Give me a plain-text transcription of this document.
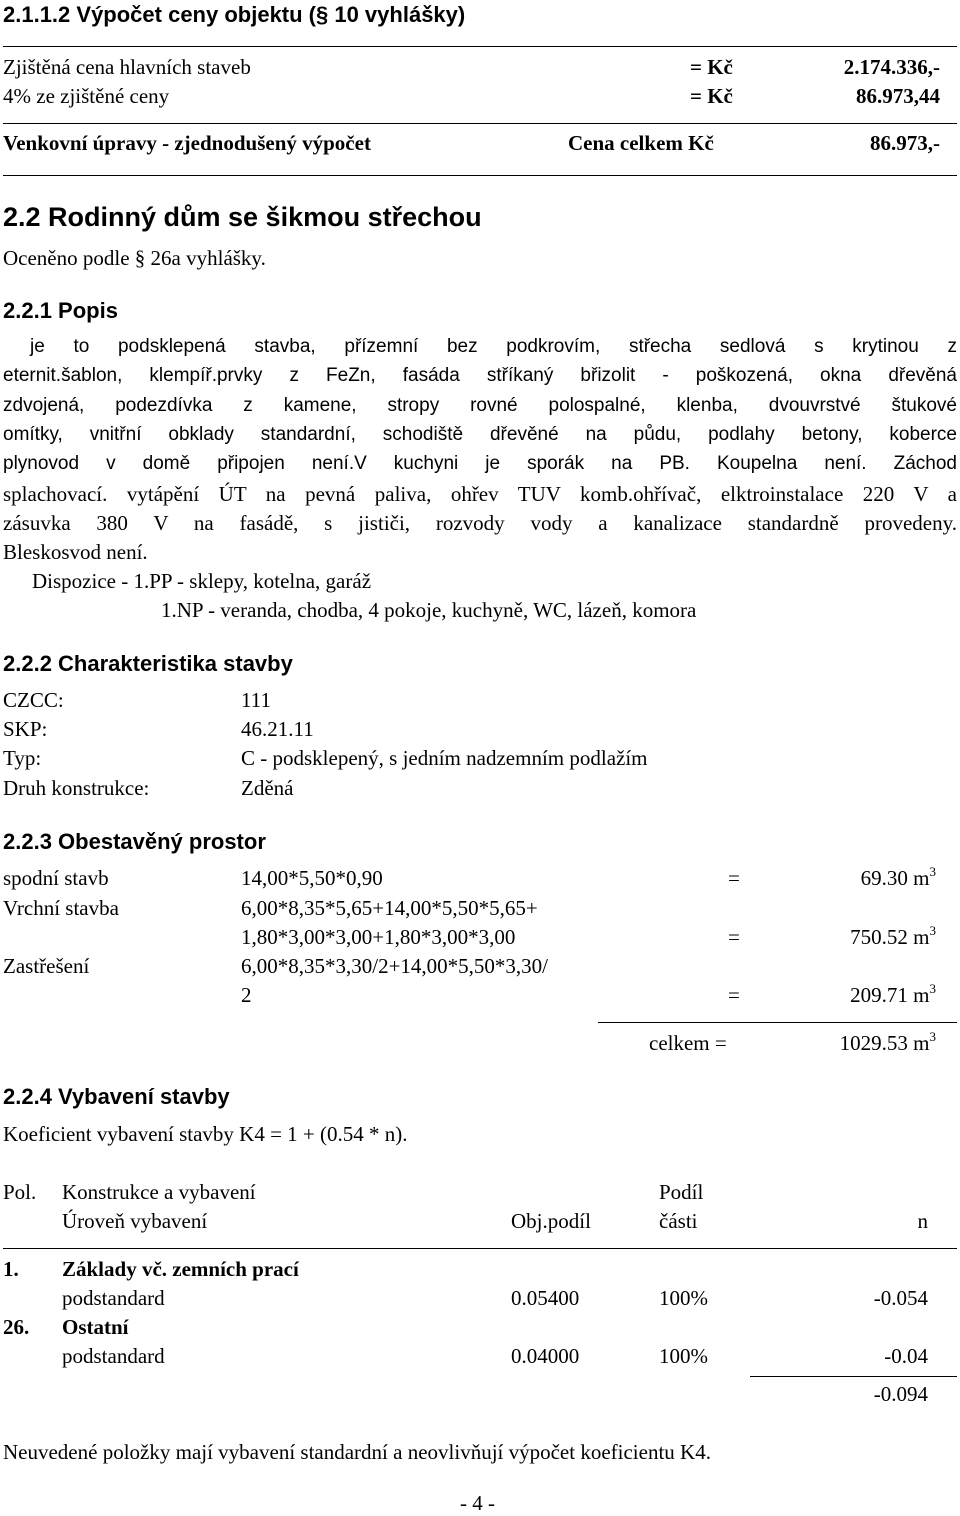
2.1.1.2 Výpočet ceny objektu (§ 10 vyhlášky)
Zjištěná cena hlavních staveb	= Kč	2.174.336,-
4% ze zjištěné ceny	= Kč	86.973,44
Venkovní úpravy - zjednodušený výpočet	Cena celkem Kč	86.973,-
2.2 Rodinný dům se šikmou střechou
Oceněno podle § 26a vyhlášky.
2.2.1 Popis
je to podsklepená stavba, přízemní bez podkrovím, střecha sedlová s krytinou z
eternit.šablon, klempíř.prvky z FeZn, fasáda stříkaný břizolit - poškozená, okna dřevěná
zdvojená, podezdívka z kamene, stropy rovné polospalné, klenba, dvouvrstvé štukové
omítky, vnitřní obklady standardní, schodiště dřevěné na půdu, podlahy betony, koberce
plynovod v domě připojen není.V kuchyni je sporák na PB. Koupelna není. Záchod
splachovací. vytápění ÚT na pevná paliva, ohřev TUV komb.ohřívač, elktroinstalace 220 V a
zásuvka 380 V na fasádě, s jističi, rozvody vody a kanalizace standardně provedeny.
Bleskosvod není.
Dispozice - 1.PP - sklepy, kotelna, garáž
1.NP - veranda, chodba, 4 pokoje, kuchyně, WC, lázeň, komora
2.2.2 Charakteristika stavby
CZCC:	111
SKP:	46.21.11
Typ:	C - podsklepený, s jedním nadzemním podlažím
Druh konstrukce:	Zděná
2.2.3 Obestavěný prostor
spodní stavb	14,00*5,50*0,90	=	69.30 $m^3$
Vrchní stavba	6,00*8,35*5,65+14,00*5,50*5,65+
1,80*3,00*3,00+1,80*3,00*3,00	=	750.52 $m^3$
Zastřešení	6,00*8,35*3,30/2+14,00*5,50*3,30/
2	=	209.71 $m^3$
celkem =	1029.53 $m^3$
2.2.4 Vybavení stavby
Koeficient vybavení stavby K4 = 1 + (0.54 * n).
Pol. Konstrukce a vybavení	Podíl
Úroveň vybavení	Obj.podíl	části	n
1. Základy vč. zemních prací
podstandard	0.05400	100%	-0.054
26. Ostatní
podstandard	0.04000	100%	-0.04
-0.094
Neuvedené položky mají vybavení standardní a neovlivňují výpočet koeficientu K4.
- 4 -
